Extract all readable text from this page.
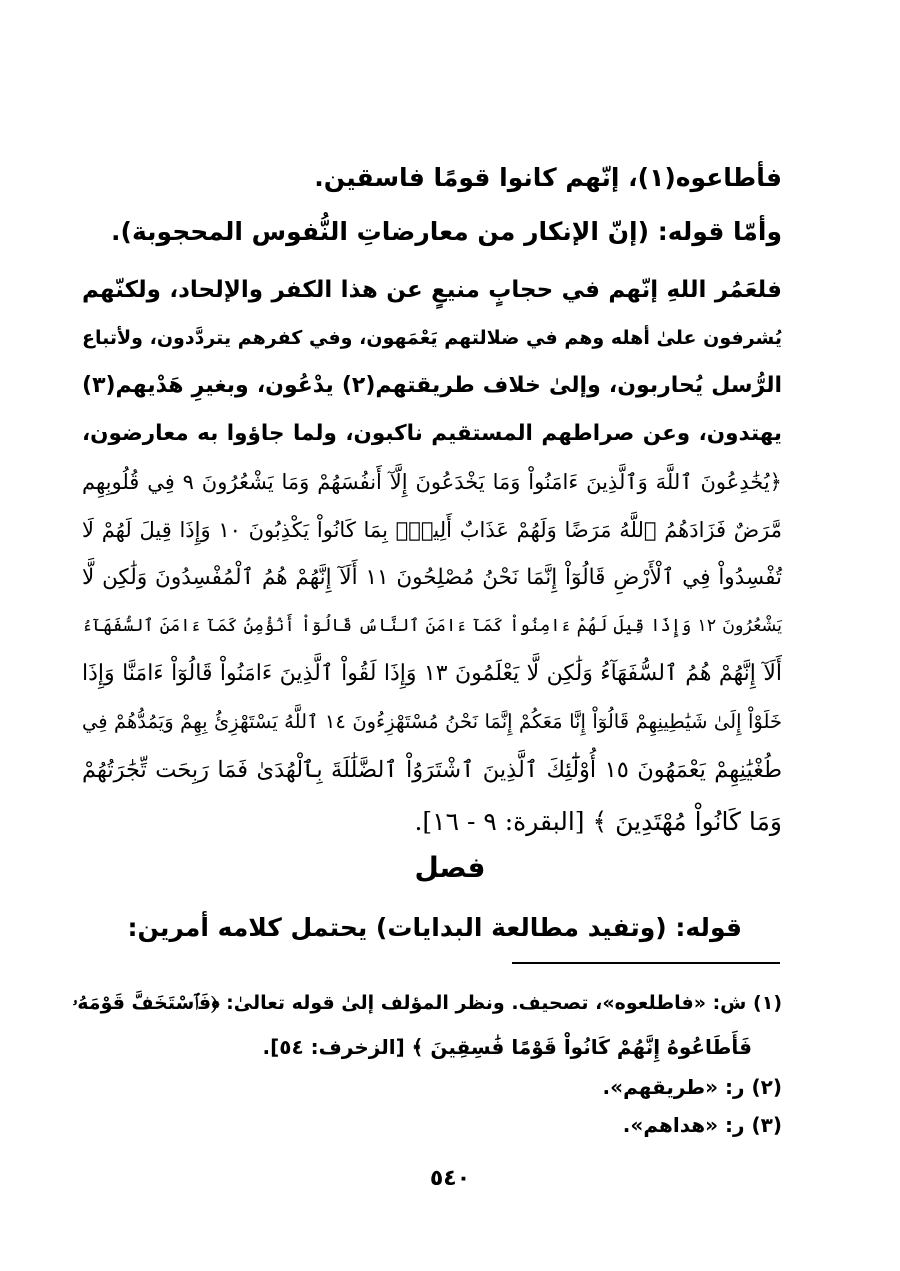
فأطاعوه(١)، إنّهم كانوا قومًا فاسقين.
وأمّا قوله: (إنّ الإنكار من معارضاتِ النُّفوس المحجوبة).
فلعَمُر اللهِ إنّهم في حجابٍ منيعٍ عن هذا الكفر والإلحاد، ولكنّهم
يُشرفون علىٰ أهله وهم في ضلالتهم يَعْمَهون، وفي كفرهم يتردَّدون، ولأتباع
الرُّسل يُحاربون، وإلىٰ خلاف طريقتهم(٢) يدْعُون، وبغيرِ هَدْيهم(٣)
يهتدون، وعن صراطهم المستقيم ناكبون، ولما جاؤوا به معارضون،
﴿يُخَٰدِعُونَ ٱللَّهَ وَٱلَّذِينَ ءَامَنُواْ وَمَا يَخْدَعُونَ إِلَّآ أَنفُسَهُمْ وَمَا يَشْعُرُونَ ٩ فِي قُلُوبِهِم
مَّرَضٌ فَزَادَهُمُ ٱللَّهُ مَرَضًا وَلَهُمْ عَذَابٌ أَلِيمُۢ بِمَا كَانُواْ يَكْذِبُونَ ١٠ وَإِذَا قِيلَ لَهُمْ لَا
تُفْسِدُواْ فِي ٱلْأَرْضِ قَالُوٓاْ إِنَّمَا نَحْنُ مُصْلِحُونَ ١١ أَلَآ إِنَّهُمْ هُمُ ٱلْمُفْسِدُونَ وَلَٰكِن لَّا
يَشْعُرُونَ ١٢ وَإِذَا قِيلَ لَهُمْ ءَامِنُواْ كَمَآ ءَامَنَ ٱلنَّاسُ قَالُوٓاْ أَنُؤْمِنُ كَمَآ ءَامَنَ ٱلسُّفَهَآءُ
أَلَآ إِنَّهُمْ هُمُ ٱلسُّفَهَآءُ وَلَٰكِن لَّا يَعْلَمُونَ ١٣ وَإِذَا لَقُواْ ٱلَّذِينَ ءَامَنُواْ قَالُوٓاْ ءَامَنَّا وَإِذَا
خَلَوْاْ إِلَىٰ شَيَٰطِينِهِمْ قَالُوٓاْ إِنَّا مَعَكُمْ إِنَّمَا نَحْنُ مُسْتَهْزِءُونَ ١٤ ٱللَّهُ يَسْتَهْزِئُ بِهِمْ وَيَمُدُّهُمْ فِي
طُغْيَٰنِهِمْ يَعْمَهُونَ ١٥ أُوْلَٰٓئِكَ ٱلَّذِينَ ٱشْتَرَوُاْ ٱلضَّلَٰلَةَ بِٱلْهُدَىٰ فَمَا رَبِحَت تِّجَٰرَتُهُمْ
وَمَا كَانُواْ مُهْتَدِينَ ﴾ [البقرة: ٩ - ١٦].
فصل
قوله: (وتفيد مطالعة البدايات) يحتمل كلامه أمرين:
(١) ش: «فاطلعوه»، تصحيف. ونظر المؤلف إلىٰ قوله تعالىٰ: ﴿فَٱسْتَخَفَّ قَوْمَهُۥ
فَأَطَاعُوهُ إِنَّهُمْ كَانُواْ قَوْمًا فَٰسِقِينَ ﴾ [الزخرف: ٥٤].
(٢) ر: «طريقهم».
(٣) ر: «هداهم».
٥٤٠
